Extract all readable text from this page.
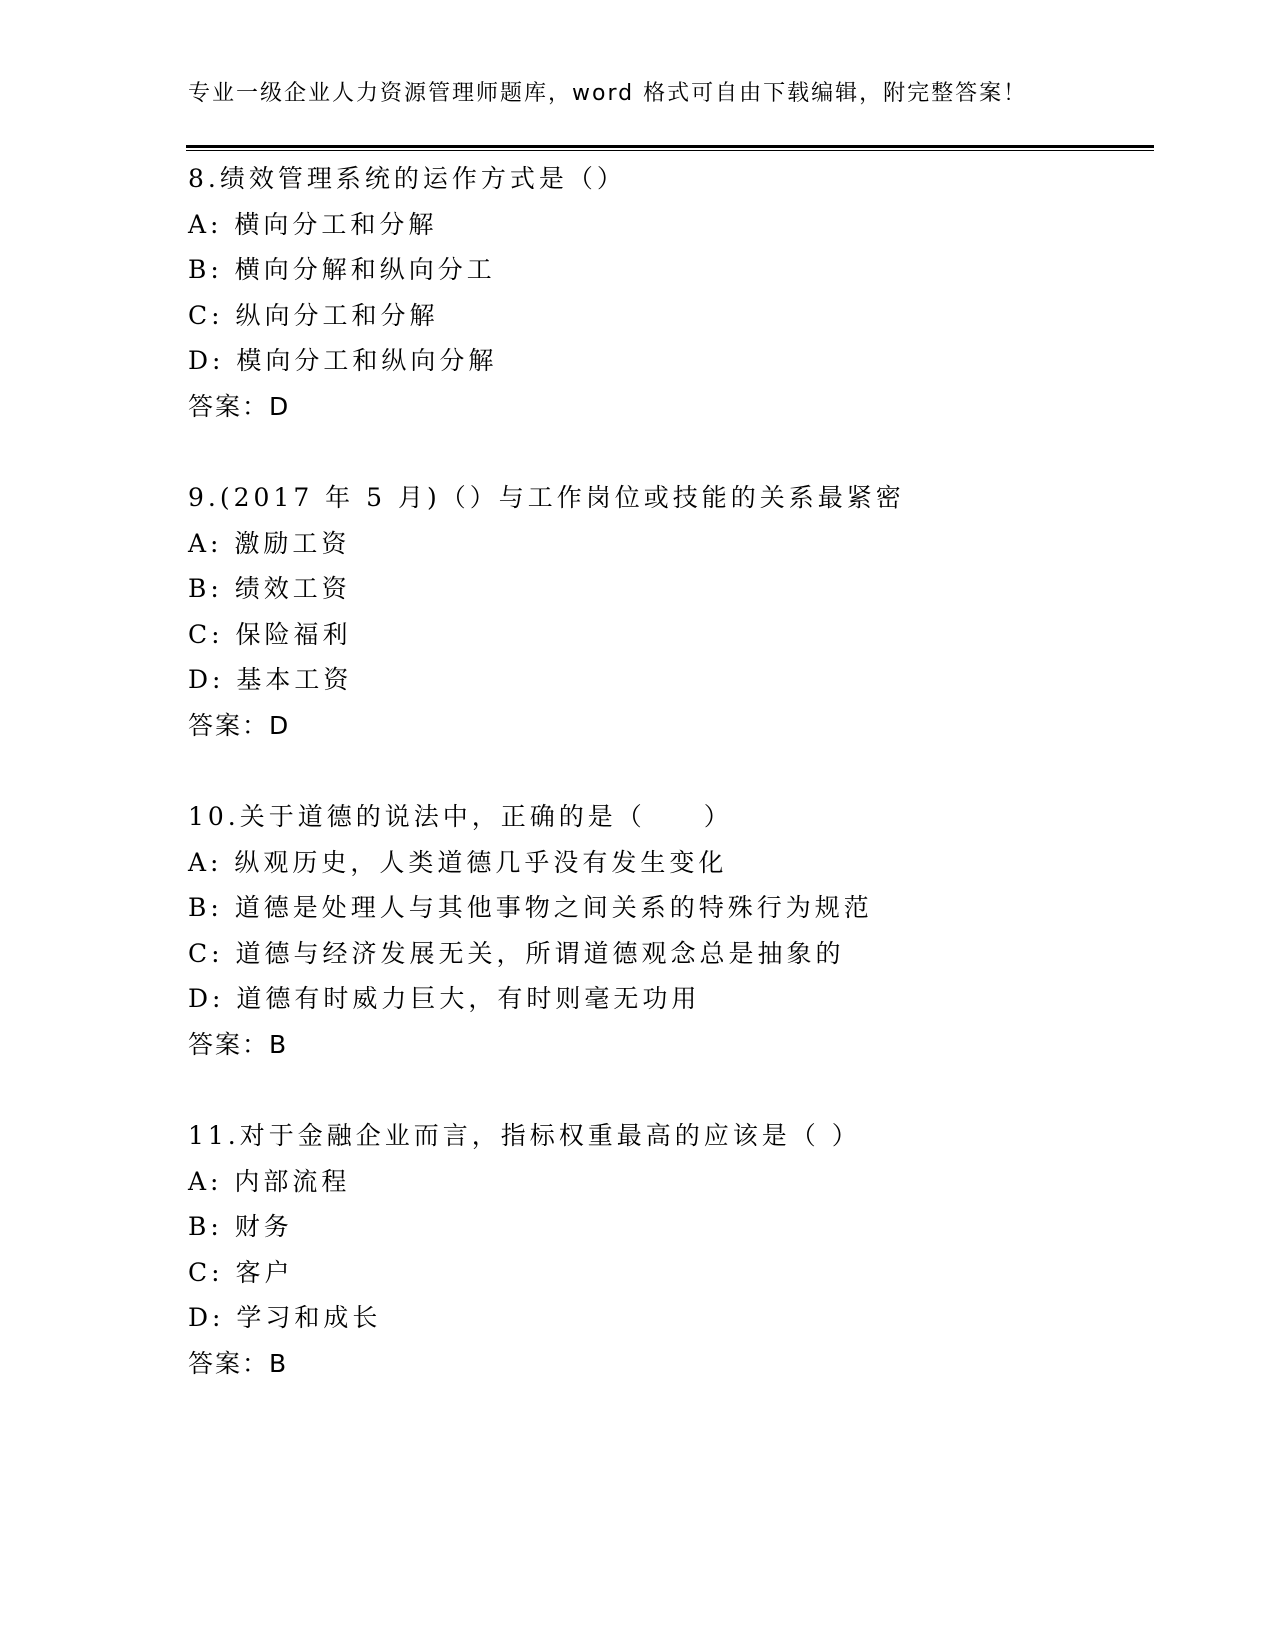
专业一级企业人力资源管理师题库，word 格式可自由下载编辑，附完整答案！
8.绩效管理系统的运作方式是（）
A: 横向分工和分解
B: 横向分解和纵向分工
C: 纵向分工和分解
D: 模向分工和纵向分解
答案：D
9.(2017 年 5 月)（）与工作岗位或技能的关系最紧密
A: 激励工资
B: 绩效工资
C: 保险福利
D: 基本工资
答案：D
10.关于道德的说法中，正确的是（　　）
A: 纵观历史，人类道德几乎没有发生变化
B: 道德是处理人与其他事物之间关系的特殊行为规范
C: 道德与经济发展无关，所谓道德观念总是抽象的
D: 道德有时威力巨大，有时则毫无功用
答案：B
11.对于金融企业而言，指标权重最高的应该是（ ）
A: 内部流程
B: 财务
C: 客户
D: 学习和成长
答案：B
